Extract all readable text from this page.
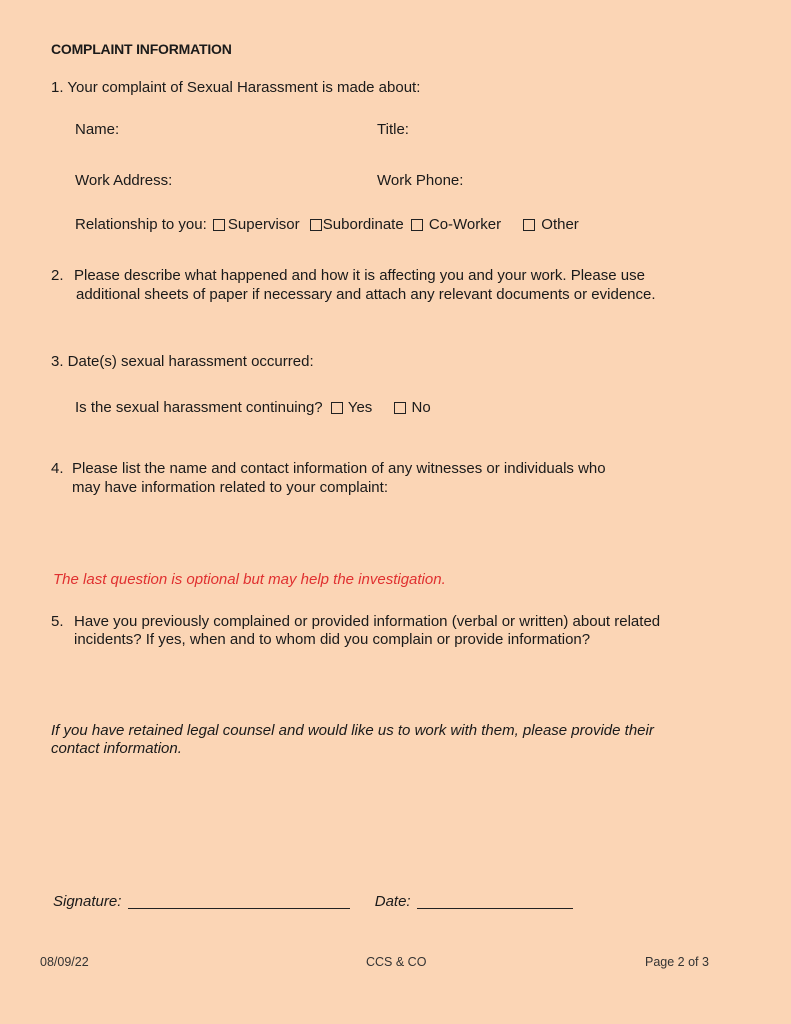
COMPLAINT INFORMATION
1. Your complaint of Sexual Harassment is made about:
Name:	Title:
Work Address:	Work Phone:
Relationship to you: Supervisor Subordinate Co-Worker	Other
2. Please describe what happened and how it is affecting you and your work. Please use
additional sheets of paper if necessary and attach any relevant documents or evidence.
3. Date(s) sexual harassment occurred:
Is the sexual harassment continuing? Yes	No
4. Please list the name and contact information of any witnesses or individuals who
may have information related to your complaint:
The last question is optional but may help the investigation.
5. Have you previously complained or provided information (verbal or written) about related
incidents? If yes, when and to whom did you complain or provide information?
If you have retained legal counsel and would like us to work with them, please provide their
contact information.
Signature:	Date:
08/09/22	CCS & CO	Page 2 of 3
